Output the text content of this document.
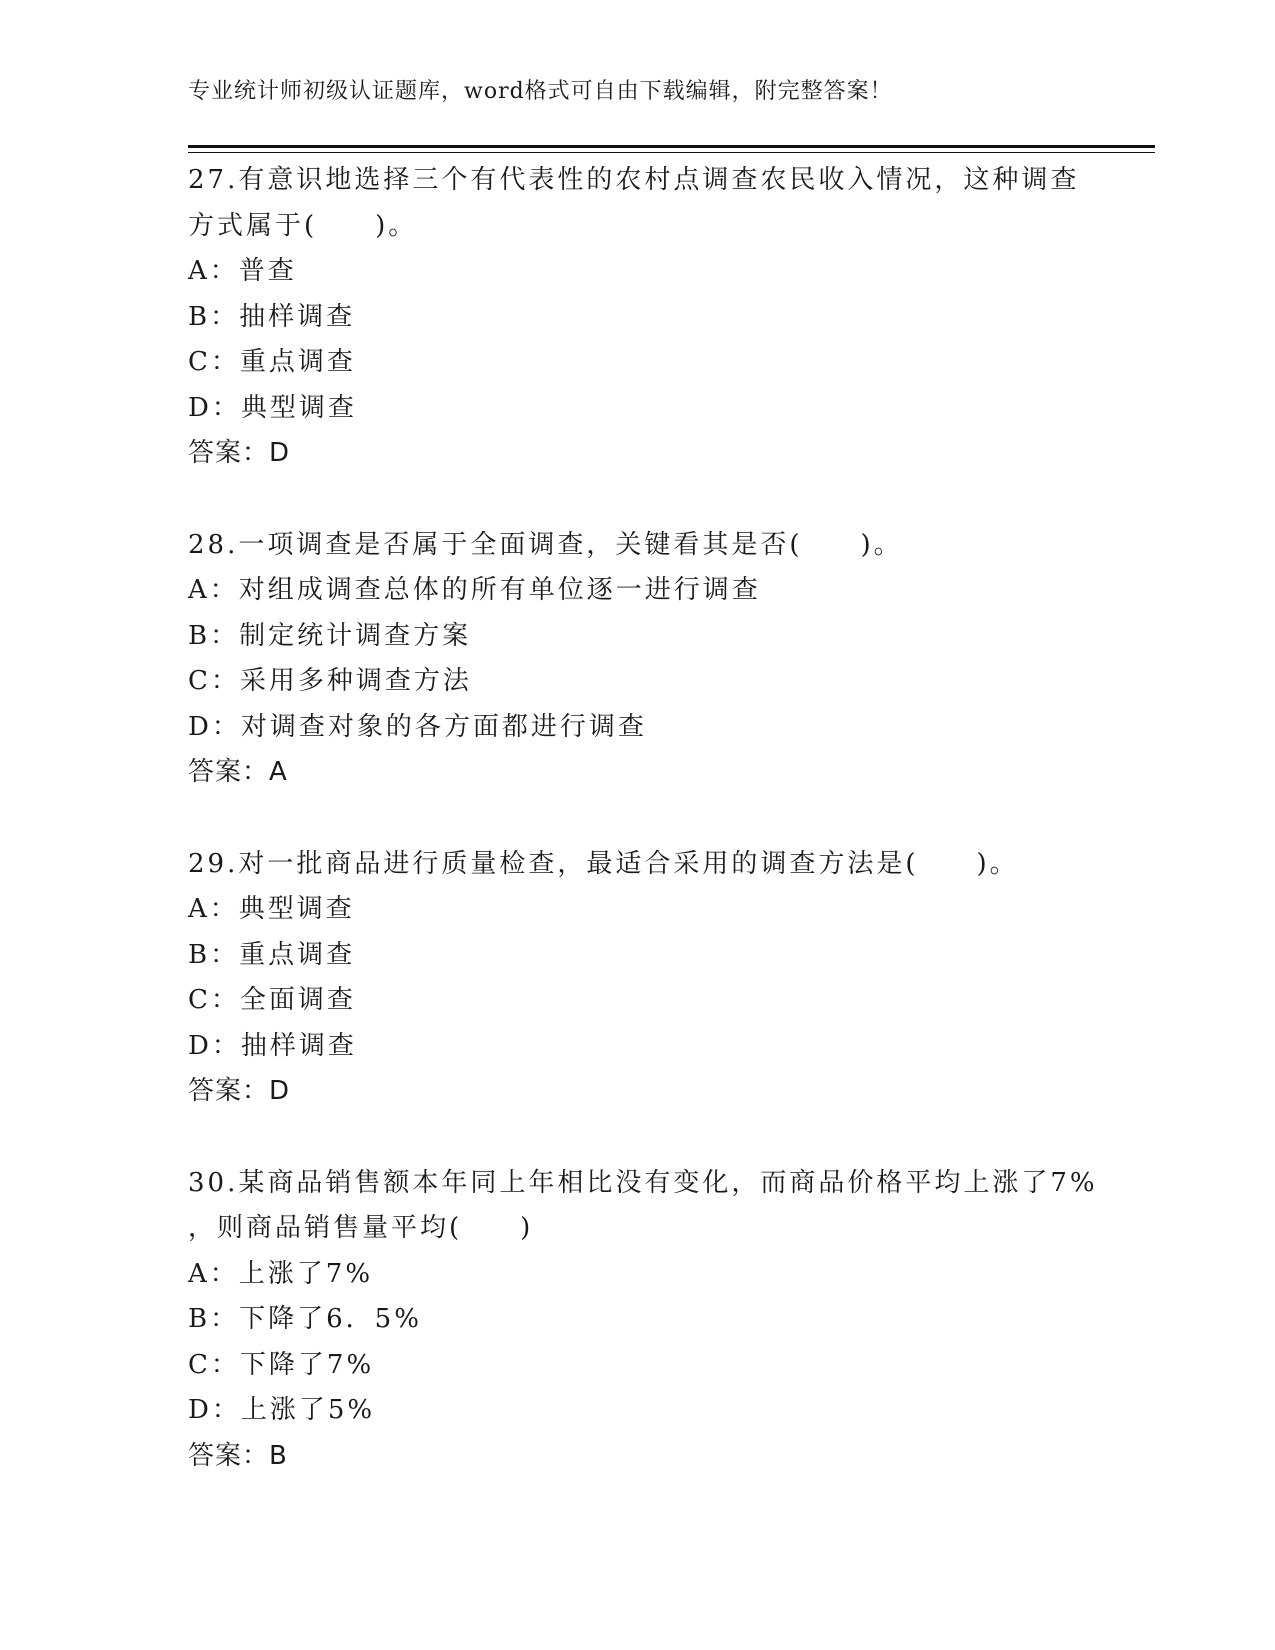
专业统计师初级认证题库，word格式可自由下载编辑，附完整答案！
27.有意识地选择三个有代表性的农村点调查农民收入情况，这种调查
方式属于(　　)。
A：普查
B：抽样调查
C：重点调查
D：典型调查
答案：D
28.一项调查是否属于全面调查，关键看其是否(　　)。
A：对组成调查总体的所有单位逐一进行调查
B：制定统计调查方案
C：采用多种调查方法
D：对调查对象的各方面都进行调查
答案：A
29.对一批商品进行质量检查，最适合采用的调查方法是(　　)。
A：典型调查
B：重点调查
C：全面调查
D：抽样调查
答案：D
30.某商品销售额本年同上年相比没有变化，而商品价格平均上涨了7%
，则商品销售量平均(　　)
A：上涨了7%
B：下降了6．5%
C：下降了7%
D：上涨了5%
答案：B
